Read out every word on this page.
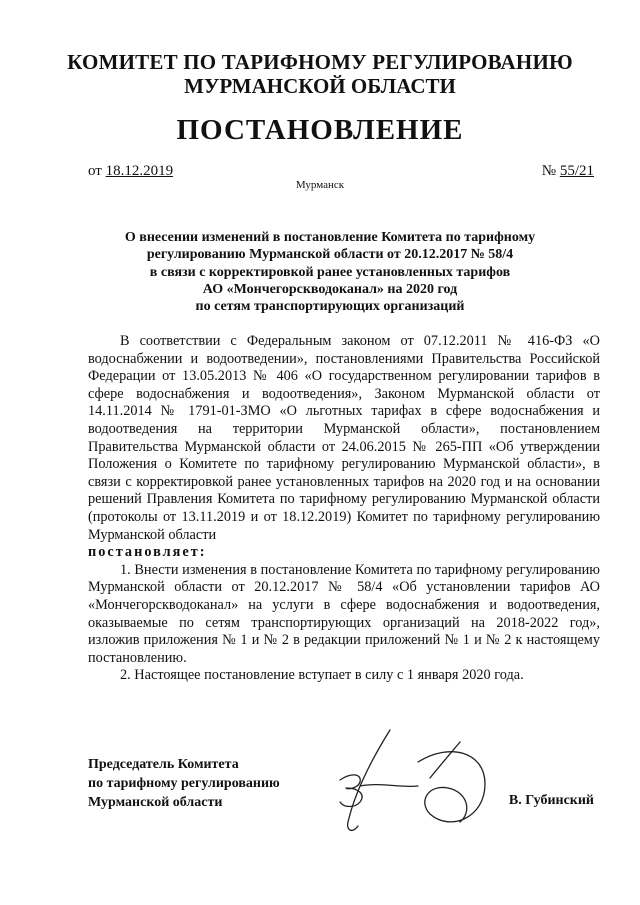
КОМИТЕТ ПО ТАРИФНОМУ РЕГУЛИРОВАНИЮ
МУРМАНСКОЙ ОБЛАСТИ
ПОСТАНОВЛЕНИЕ
от 18.12.2019	№ 55/21
Мурманск
О внесении изменений в постановление Комитета по тарифному
регулированию Мурманской области от 20.12.2017 № 58/4
в связи с корректировкой ранее установленных тарифов
АО «Мончегорскводоканал» на 2020 год
по сетям транспортирующих организаций

В соответствии с Федеральным законом от 07.12.2011 № 416-ФЗ «О водоснабжении и водоотведении», постановлениями Правительства Российской Федерации от 13.05.2013 № 406 «О государственном регулировании тарифов в сфере водоснабжения и водоотведения», Законом Мурманской области от 14.11.2014 № 1791-01-ЗМО «О льготных тарифах в сфере водоснабжения и водоотведения на территории Мурманской области», постановлением Правительства Мурманской области от 24.06.2015 № 265-ПП «Об утверждении Положения о Комитете по тарифному регулированию Мурманской области», в связи с корректировкой ранее установленных тарифов на 2020 год и на основании решений Правления Комитета по тарифному регулированию Мурманской области (протоколы от 13.11.2019 и от 18.12.2019) Комитет по тарифному регулированию Мурманской области

постановляет:

1. Внести изменения в постановление Комитета по тарифному регулированию Мурманской области от 20.12.2017 № 58/4 «Об установлении тарифов АО «Мончегорскводоканал» на услуги в сфере водоснабжения и водоотведения, оказываемые по сетям транспортирующих организаций на 2018-2022 год», изложив приложения № 1 и № 2 в редакции приложений № 1 и № 2 к настоящему постановлению.

2. Настоящее постановление вступает в силу с 1 января 2020 года.

Председатель Комитета
по тарифному регулированию
Мурманской области	В. Губинский
